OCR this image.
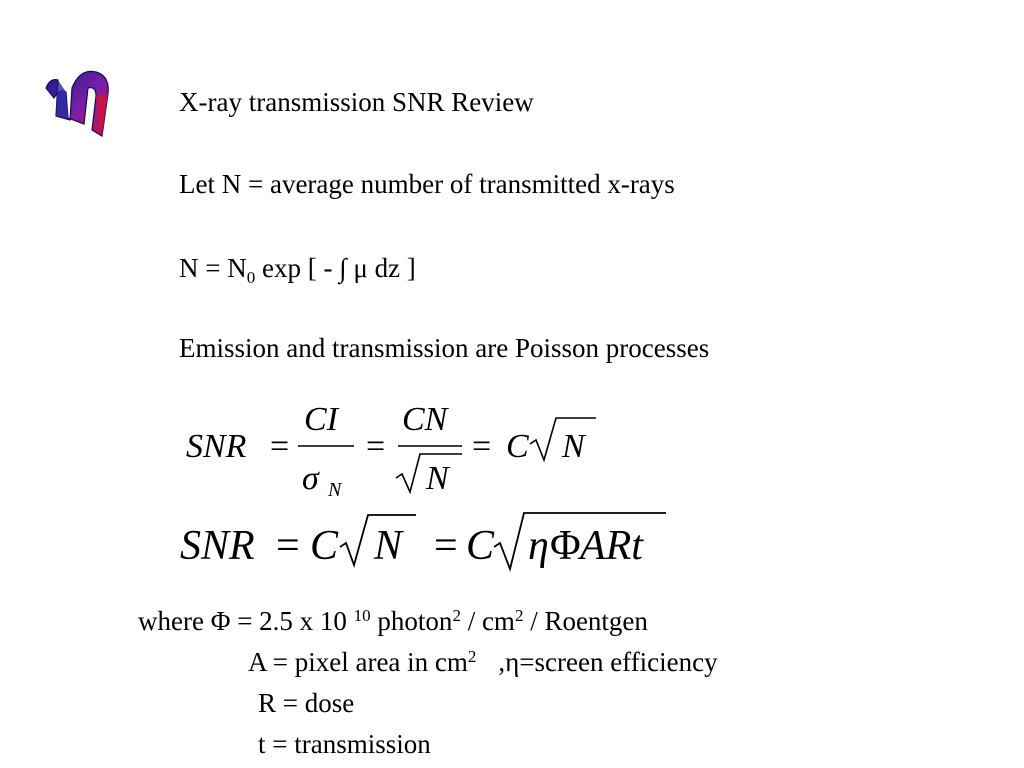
X-ray transmission SNR Review
Let N = average number of transmitted x-rays
$N = N_0$ exp [ - ∫ μ dz ]
Emission and transmission are Poisson processes
SNR =
CI
σ N
=
CN
N
= C N
SNR = C N = C η Φ ARt
where Φ = 2.5 x 10 $^{10}$ photon$^2$ / $cm^2$ / Roentgen
A = pixel area in $cm^2$ ,η=screen efficiency
R = dose
t = transmission
